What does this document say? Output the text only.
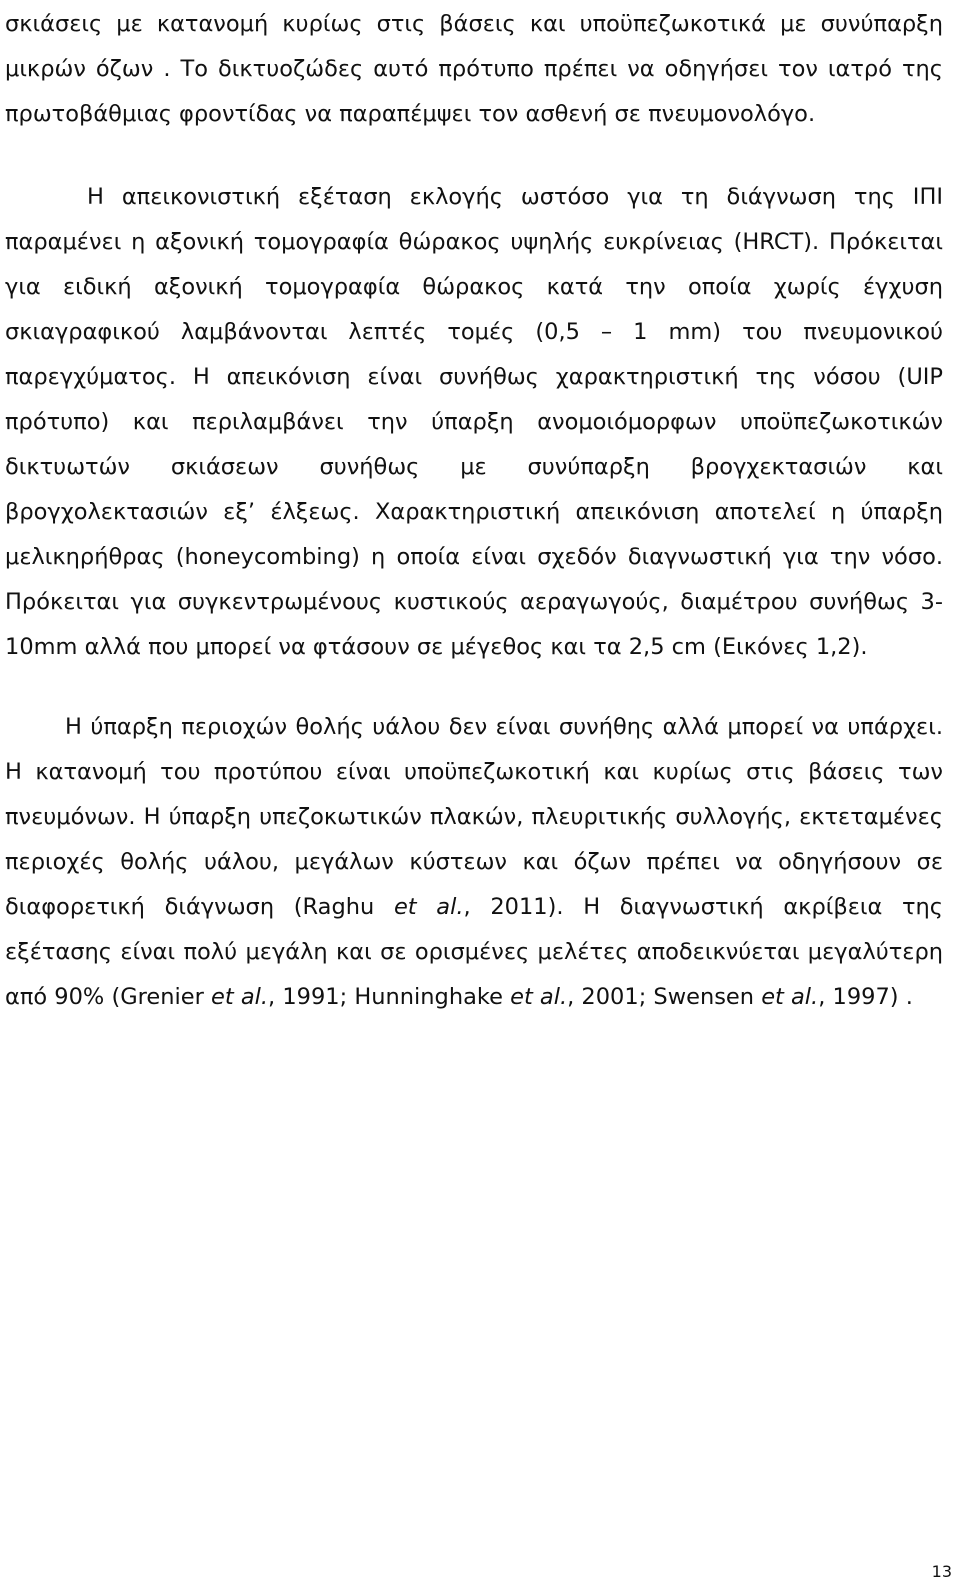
σκιάσεις με κατανομή κυρίως στις βάσεις και υποϋπεζωκοτικά με συνύπαρξη μικρών όζων . Το δικτυοζώδες αυτό πρότυπο πρέπει να οδηγήσει τον ιατρό της πρωτοβάθμιας φροντίδας να παραπέμψει τον ασθενή σε πνευμονολόγο.

Η απεικονιστική εξέταση εκλογής ωστόσο για τη διάγνωση της ΙΠΙ παραμένει η αξονική τομογραφία θώρακος υψηλής ευκρίνειας (HRCT). Πρόκειται για ειδική αξονική τομογραφία θώρακος κατά την οποία χωρίς έγχυση σκιαγραφικού λαμβάνονται λεπτές τομές (0,5 – 1 mm) του πνευμονικού παρεγχύματος. Η απεικόνιση είναι συνήθως χαρακτηριστική της νόσου (UIP πρότυπο) και περιλαμβάνει την ύπαρξη ανομοιόμορφων υποϋπεζωκοτικών δικτυωτών σκιάσεων συνήθως με συνύπαρξη βρογχεκτασιών και βρογχολεκτασιών εξ’ έλξεως. Χαρακτηριστική απεικόνιση αποτελεί η ύπαρξη μελικηρήθρας (honeycombing) η οποία είναι σχεδόν διαγνωστική για την νόσο. Πρόκειται για συγκεντρωμένους κυστικούς αεραγωγούς, διαμέτρου συνήθως 3-10mm αλλά που μπορεί να φτάσουν σε μέγεθος και τα 2,5 cm (Εικόνες 1,2).

Η ύπαρξη περιοχών θολής υάλου δεν είναι συνήθης αλλά μπορεί να υπάρχει. Η κατανομή του προτύπου είναι υποϋπεζωκοτική και κυρίως στις βάσεις των πνευμόνων. Η ύπαρξη υπεζοκωτικών πλακών, πλευριτικής συλλογής, εκτεταμένες περιοχές θολής υάλου, μεγάλων κύστεων και όζων πρέπει να οδηγήσουν σε διαφορετική διάγνωση (Raghu et al., 2011). Η διαγνωστική ακρίβεια της εξέτασης είναι πολύ μεγάλη και σε ορισμένες μελέτες αποδεικνύεται μεγαλύτερη από 90% (Grenier et al., 1991; Hunninghake et al., 2001; Swensen et al., 1997) .

13
